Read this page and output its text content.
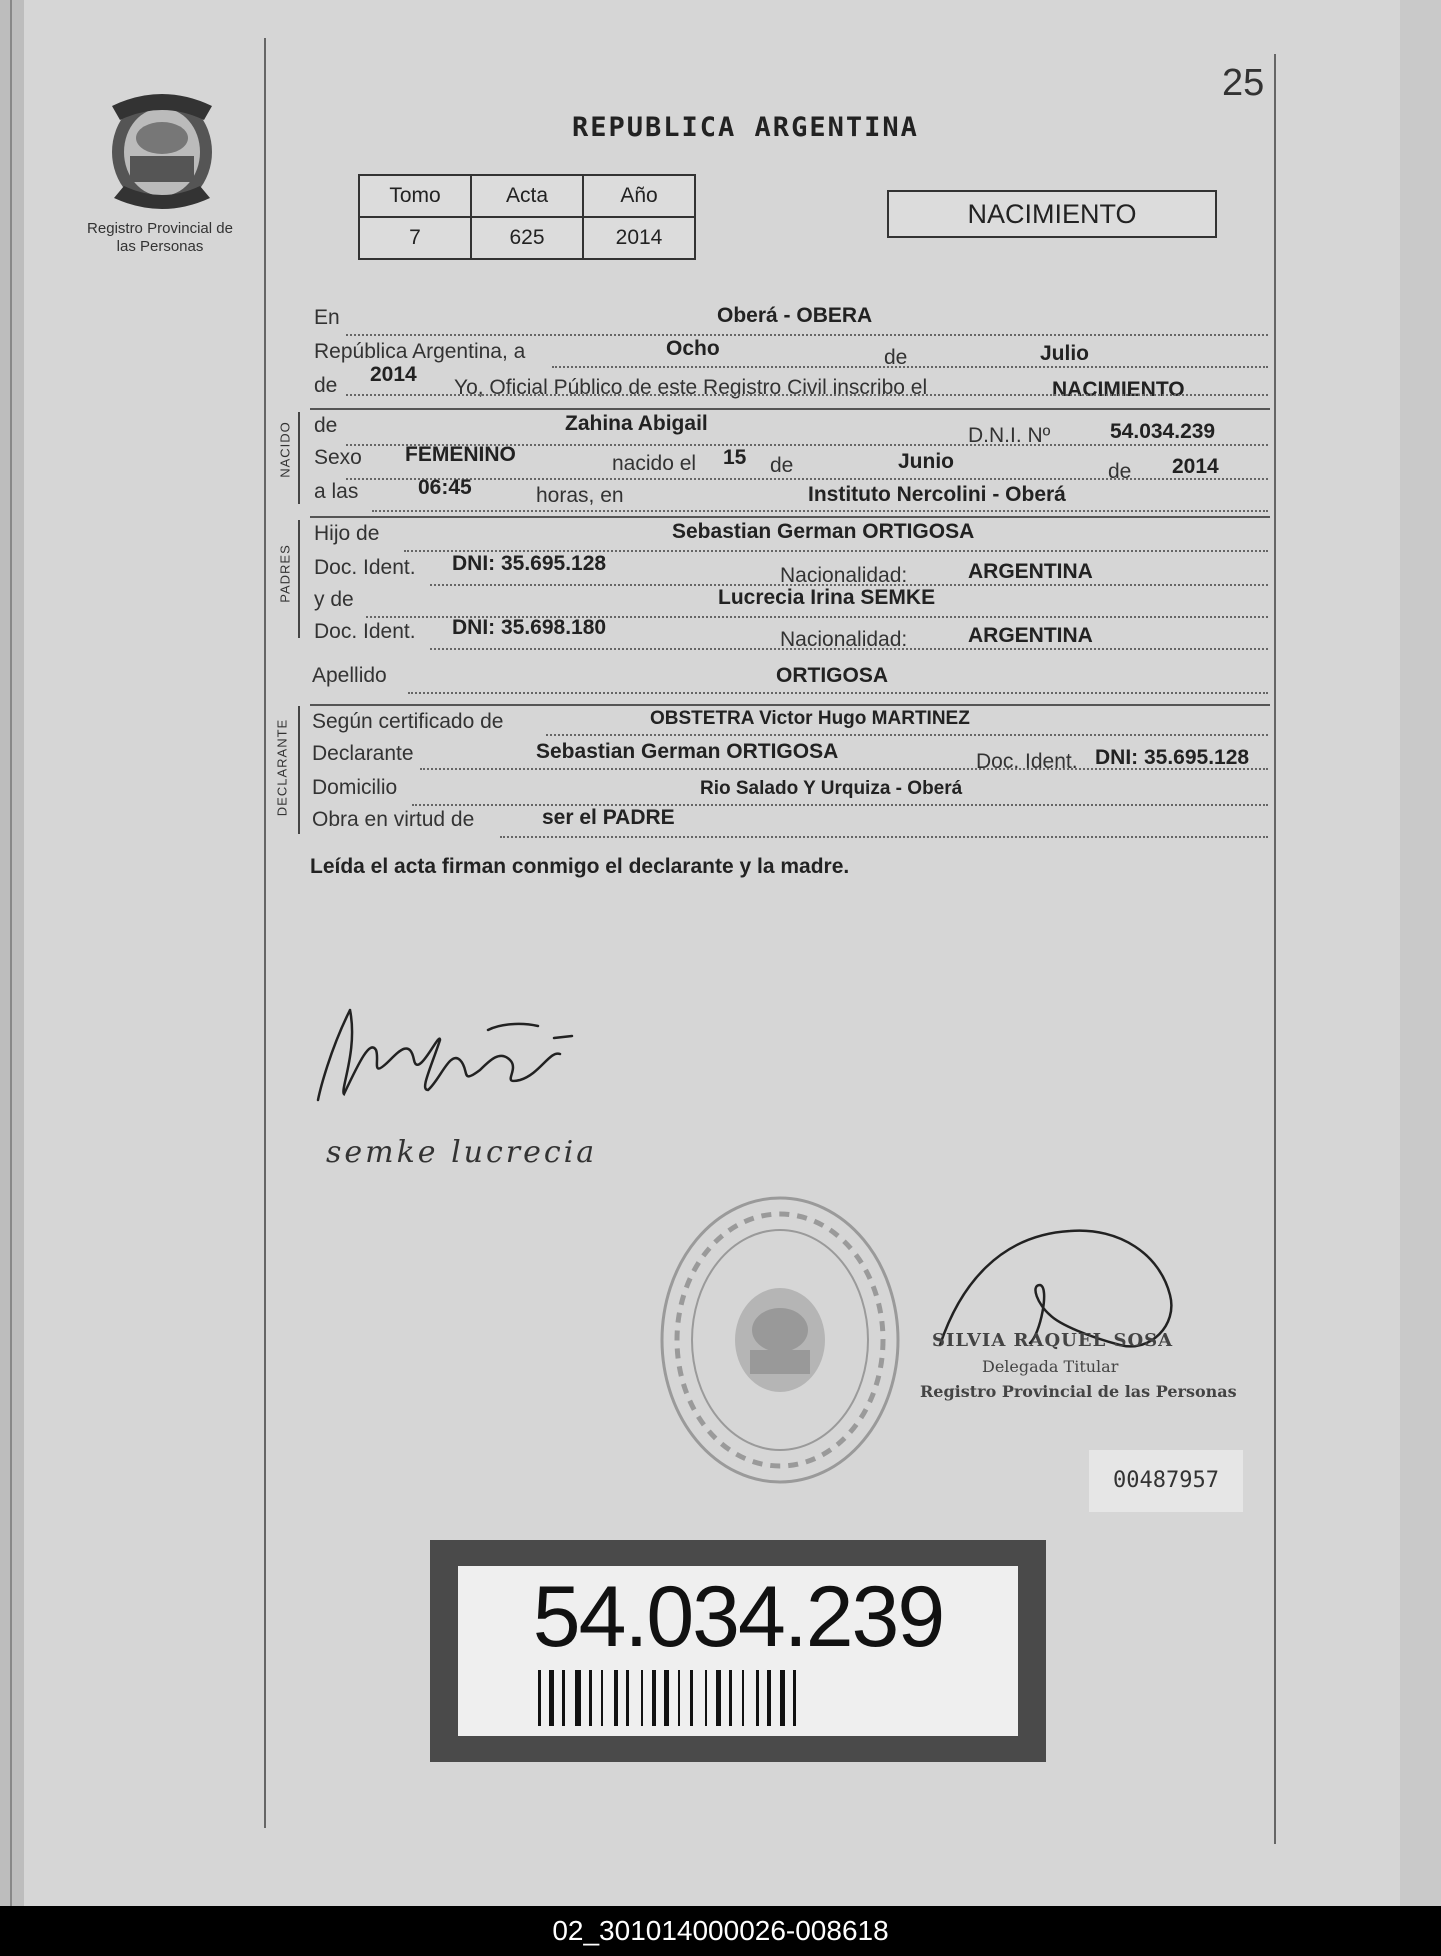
25
REPUBLICA ARGENTINA
Registro Provincial de las Personas
Tomo	Acta	Año
7	625	2014
NACIMIENTO
En	Oberá - OBERA
República Argentina, a	Ocho	de	Julio
de 2014
Yo, Oficial Público de este Registro Civil inscribo el	NACIMIENTO
NACIDO de	Zahina Abigail
D.N.I. Nº	54.034.239
Sexo FEMENINO	nacido el 15 de	Junio	de 2014
a las	06:45	horas, en	Instituto Nercolini - Oberá
PADRES
Hijo de	Sebastian German ORTIGOSA
Doc. Ident. DNI: 35.695.128
Nacionalidad:	ARGENTINA
y de	Lucrecia Irina SEMKE
Doc. Ident. DNI: 35.698.180
Nacionalidad:	ARGENTINA
Apellido	ORTIGOSA
DECLARANTE Según certificado de	OBSTETRA Victor Hugo MARTINEZ
Declarante	Sebastian German ORTIGOSA	Doc. Ident. DNI: 35.695.128
Domicilio	Rio Salado Y Urquiza - Oberá
Obra en virtud de	ser el PADRE
Leída el acta firman conmigo el declarante y la madre.
semke lucrecia
SILVIA RAQUEL SOSA
Delegada Titular
Registro Provincial de las Personas
00487957
54.034.239
02_301014000026-008618
